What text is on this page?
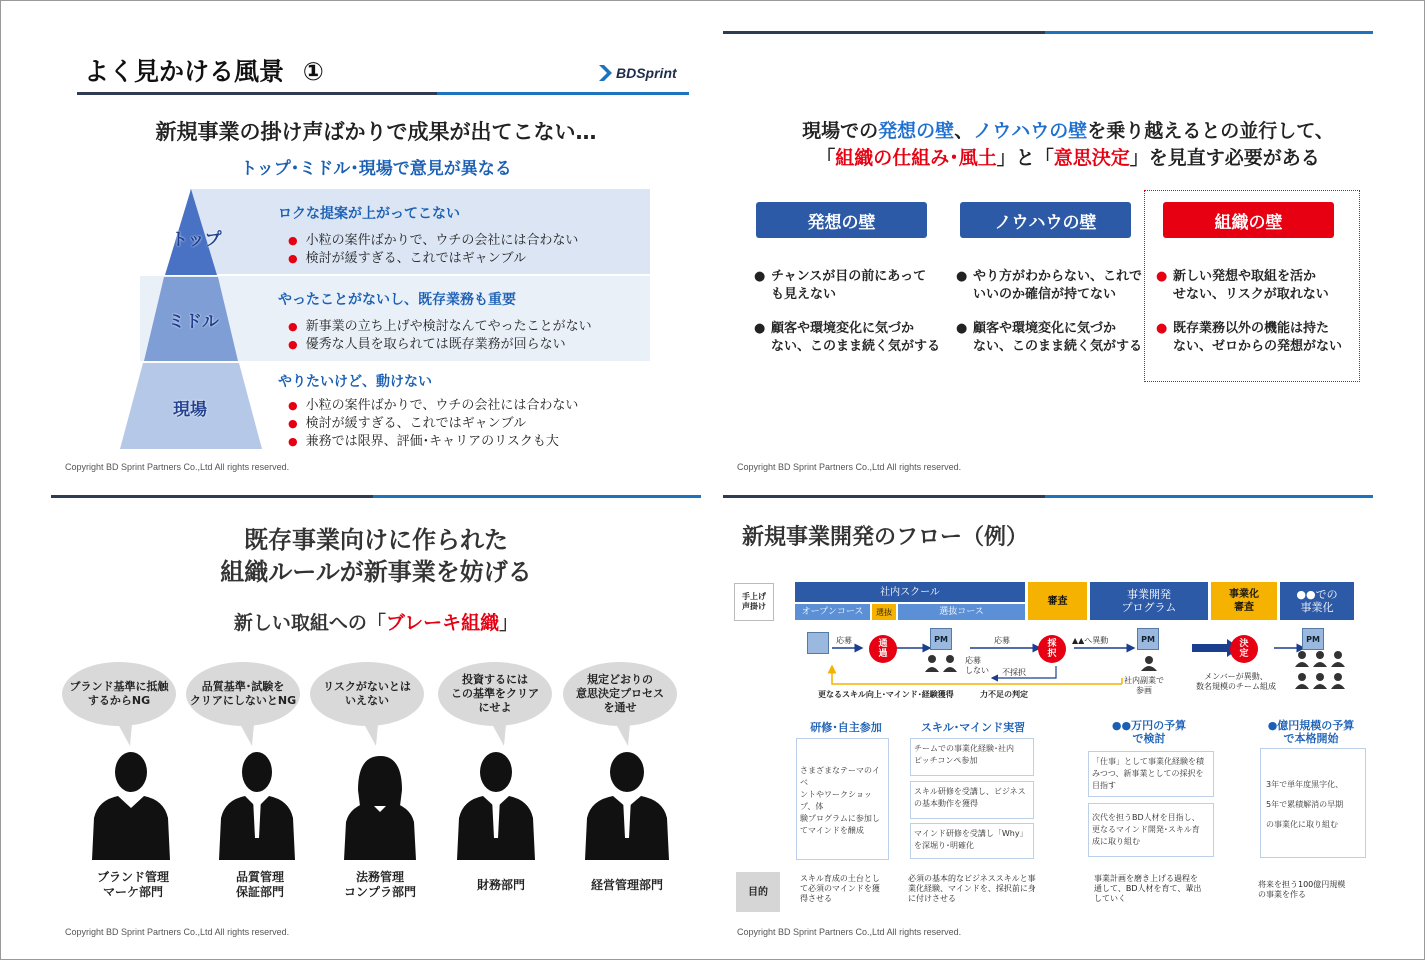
よく見かける風景 ①	BDSprint
新規事業の掛け声ばかりで成果が出てこない…
トップ･ミドル･現場で意見が異なる
トップ
ミドル
現場
ロクな提案が上がってこない
● 小粒の案件ばかりで、ウチの会社には合わない
● 検討が緩すぎる、これではギャンブル
やったことがないし、既存業務も重要
● 新事業の立ち上げや検討なんてやったことがない
● 優秀な人員を取られては既存業務が回らない
やりたいけど、動けない
● 小粒の案件ばかりで、ウチの会社には合わない
● 検討が緩すぎる、これではギャンブル
● 兼務では限界、評価･キャリアのリスクも大
Copyright BD Sprint Partners Co.,Ltd All rights reserved.
現場での発想の壁、ノウハウの壁を乗り越えるとの並行して、
「組織の仕組み･風土」と「意思決定」を見直す必要がある
発想の壁	ノウハウの壁	組織の壁
● チャンスが目の前にあって
も見えない
● 顧客や環境変化に気づか
ない、このまま続く気がする
● やり方がわからない、これで
いいのか確信が持てない
● 顧客や環境変化に気づか
ない、このまま続く気がする
● 新しい発想や取組を活か
せない、リスクが取れない
● 既存業務以外の機能は持た
ない、ゼロからの発想がない
Copyright BD Sprint Partners Co.,Ltd All rights reserved.
既存事業向けに作られた
組織ルールが新事業を妨げる
新しい取組への「ブレーキ組織」
ブランド基準に抵触
するからNG
品質基準･試験を
クリアにしないとNG
リスクがないとは
いえない
投資するには
この基準をクリア
にせよ
規定どおりの
意思決定プロセス
を通せ
ブランド管理
マーケ部門
品質管理
保証部門
法務管理
コンプラ部門	財務部門	経営管理部門
Copyright BD Sprint Partners Co.,Ltd All rights reserved.
新規事業開発のフロー（例）
手上げ
声掛け
社内スクール
オープンコース	選抜	選抜コース
審査	事業開発
プログラム
事業化
審査
●●での
事業化
応募	通
過
PM	応募
応募
しない
採
択
▲▲へ異動
不採択
PM
社内副業で
参画
決
定
メンバーが異動、
数名規模のチーム組成
PM
更なるスキル向上･マインド･経験獲得	力不足の判定
研修･自主参加	スキル･マインド実習	●●万円の予算
で検討
●億円規模の予算
で本格開始
さまざまなテーマのイベ
ントやワークショップ、体
験プログラムに参加し
てマインドを醸成
チームでの事業化経験･社内
ピッチコンペ参加
スキル研修を受講し、ビジネス
の基本動作を獲得
マインド研修を受講し「Why」
を深堀り･明確化
「仕事」として事業化経験を積
みつつ、新事業としての採択を
目指す
次代を担うBD人材を目指し、
更なるマインド開発･スキル育
成に取り組む
3年で単年度黒字化、
5年で累積解消の早期
の事業化に取り組む
目的
スキル育成の土台とし
て必須のマインドを獲
得させる
必須の基本的なビジネススキルと事
業化経験、マインドを、採択前に身
に付けさせる
事業計画を磨き上げる過程を
通して、BD人材を育て、輩出
していく
将来を担う100億円規模
の事業を作る
Copyright BD Sprint Partners Co.,Ltd All rights reserved.
